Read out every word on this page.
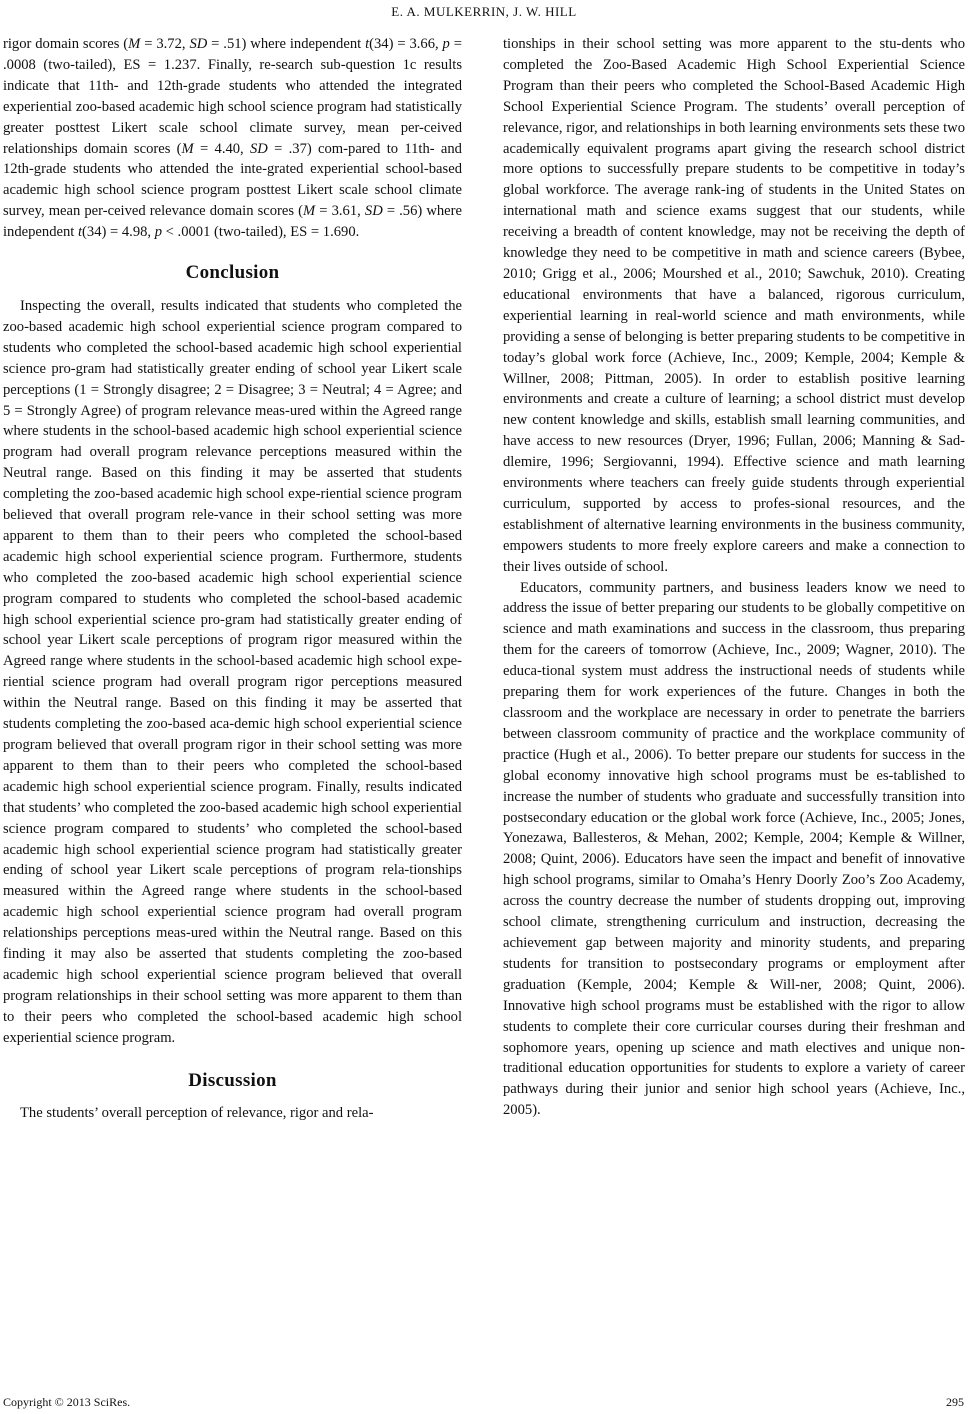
E. A. MULKERRIN, J. W. HILL

rigor domain scores (M = 3.72, SD = .51) where independent t(34) = 3.66, p = .0008 (two-tailed), ES = 1.237. Finally, re-search sub-question 1c results indicate that 11th- and 12th-grade students who attended the integrated experiential zoo-based academic high school science program had statistically greater posttest Likert scale school climate survey, mean per-ceived relationships domain scores (M = 4.40, SD = .37) com-pared to 11th- and 12th-grade students who attended the inte-grated experiential school-based academic high school science program posttest Likert scale school climate survey, mean per-ceived relevance domain scores (M = 3.61, SD = .56) where independent t(34) = 4.98, p < .0001 (two-tailed), ES = 1.690.

Conclusion

Inspecting the overall, results indicated that students who completed the zoo-based academic high school experiential science program compared to students who completed the school-based academic high school experiential science pro-gram had statistically greater ending of school year Likert scale perceptions (1 = Strongly disagree; 2 = Disagree; 3 = Neutral; 4 = Agree; and 5 = Strongly Agree) of program relevance meas-ured within the Agreed range where students in the school-based academic high school experiential science program had overall program relevance perceptions measured within the Neutral range. Based on this finding it may be asserted that students completing the zoo-based academic high school expe-riential science program believed that overall program rele-vance in their school setting was more apparent to them than to their peers who completed the school-based academic high school experiential science program. Furthermore, students who completed the zoo-based academic high school experiential science program compared to students who completed the school-based academic high school experiential science pro-gram had statistically greater ending of school year Likert scale perceptions of program rigor measured within the Agreed range where students in the school-based academic high school expe-riential science program had overall program rigor perceptions measured within the Neutral range. Based on this finding it may be asserted that students completing the zoo-based aca-demic high school experiential science program believed that overall program rigor in their school setting was more apparent to them than to their peers who completed the school-based academic high school experiential science program. Finally, results indicated that students’ who completed the zoo-based academic high school experiential science program compared to students’ who completed the school-based academic high school experiential science program had statistically greater ending of school year Likert scale perceptions of program rela-tionships measured within the Agreed range where students in the school-based academic high school experiential science program had overall program relationships perceptions meas-ured within the Neutral range. Based on this finding it may also be asserted that students completing the zoo-based academic high school experiential science program believed that overall program relationships in their school setting was more apparent to them than to their peers who completed the school-based academic high school experiential science program.

Discussion

The students’ overall perception of relevance, rigor and rela-

tionships in their school setting was more apparent to the stu-dents who completed the Zoo-Based Academic High School Experiential Science Program than their peers who completed the School-Based Academic High School Experiential Science Program. The students’ overall perception of relevance, rigor, and relationships in both learning environments sets these two academically equivalent programs apart giving the research school district more options to successfully prepare students to be competitive in today’s global workforce. The average rank-ing of students in the United States on international math and science exams suggest that our students, while receiving a breadth of content knowledge, may not be receiving the depth of knowledge they need to be competitive in math and science careers (Bybee, 2010; Grigg et al., 2006; Mourshed et al., 2010; Sawchuk, 2010). Creating educational environments that have a balanced, rigorous curriculum, experiential learning in real-world science and math environments, while providing a sense of belonging is better preparing students to be competitive in today’s global work force (Achieve, Inc., 2009; Kemple, 2004; Kemple & Willner, 2008; Pittman, 2005). In order to establish positive learning environments and create a culture of learning; a school district must develop new content knowledge and skills, establish small learning communities, and have access to new resources (Dryer, 1996; Fullan, 2006; Manning & Sad-dlemire, 1996; Sergiovanni, 1994). Effective science and math learning environments where teachers can freely guide students through experiential curriculum, supported by access to profes-sional resources, and the establishment of alternative learning environments in the business community, empowers students to more freely explore careers and make a connection to their lives outside of school.

Educators, community partners, and business leaders know we need to address the issue of better preparing our students to be globally competitive on science and math examinations and success in the classroom, thus preparing them for the careers of tomorrow (Achieve, Inc., 2009; Wagner, 2010). The educa-tional system must address the instructional needs of students while preparing them for work experiences of the future. Changes in both the classroom and the workplace are necessary in order to penetrate the barriers between classroom community of practice and the workplace community of practice (Hugh et al., 2006). To better prepare our students for success in the global economy innovative high school programs must be es-tablished to increase the number of students who graduate and successfully transition into postsecondary education or the global work force (Achieve, Inc., 2005; Jones, Yonezawa, Ballesteros, & Mehan, 2002; Kemple, 2004; Kemple & Willner, 2008; Quint, 2006). Educators have seen the impact and benefit of innovative high school programs, similar to Omaha’s Henry Doorly Zoo’s Zoo Academy, across the country decrease the number of students dropping out, improving school climate, strengthening curriculum and instruction, decreasing the achievement gap between majority and minority students, and preparing students for transition to postsecondary programs or employment after graduation (Kemple, 2004; Kemple & Will-ner, 2008; Quint, 2006). Innovative high school programs must be established with the rigor to allow students to complete their core curricular courses during their freshman and sophomore years, opening up science and math electives and unique non-traditional education opportunities for students to explore a variety of career pathways during their junior and senior high school years (Achieve, Inc., 2005).

Copyright © 2013 SciRes.	295
